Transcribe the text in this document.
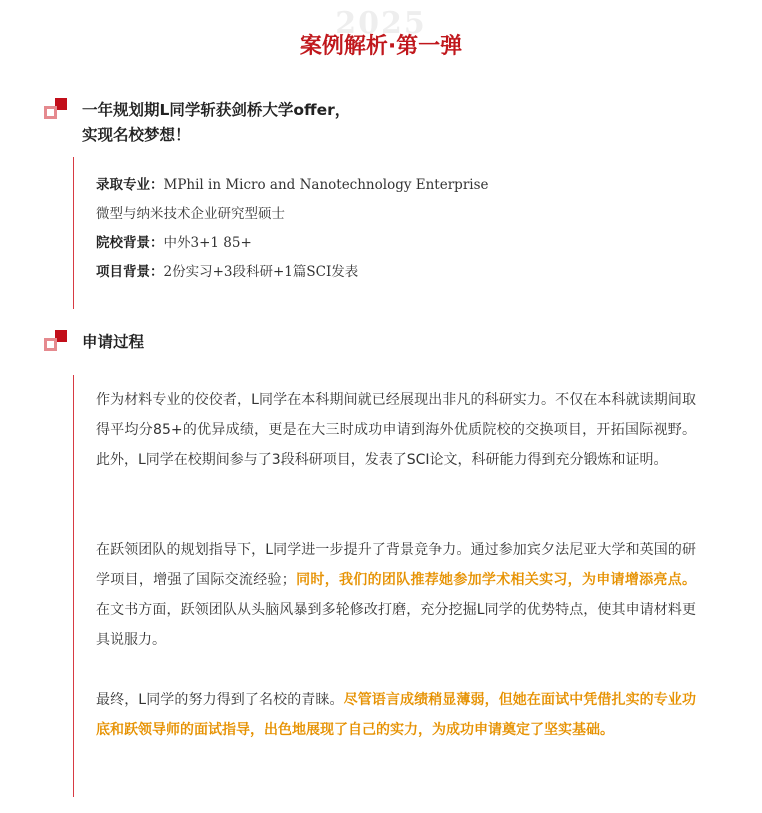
2025
案例解析·第一弹
一年规划期L同学斩获剑桥大学offer，
实现名校梦想！
录取专业：MPhil in Micro and Nanotechnology Enterprise
微型与纳米技术企业研究型硕士
院校背景：中外3+1 85+
项目背景：2份实习+3段科研+1篇SCI发表
申请过程

作为材料专业的佼佼者，L同学在本科期间就已经展现出非凡的科研实力。不仅在本科就读期间取得平均分85+的优异成绩，更是在大三时成功申请到海外优质院校的交换项目，开拓国际视野。此外，L同学在校期间参与了3段科研项目，发表了SCI论文，科研能力得到充分锻炼和证明。

在跃领团队的规划指导下，L同学进一步提升了背景竞争力。通过参加宾夕法尼亚大学和英国的研学项目，增强了国际交流经验；同时，我们的团队推荐她参加学术相关实习，为申请增添亮点。在文书方面，跃领团队从头脑风暴到多轮修改打磨，充分挖掘L同学的优势特点，使其申请材料更具说服力。

最终，L同学的努力得到了名校的青睐。尽管语言成绩稍显薄弱，但她在面试中凭借扎实的专业功底和跃领导师的面试指导，出色地展现了自己的实力，为成功申请奠定了坚实基础。
